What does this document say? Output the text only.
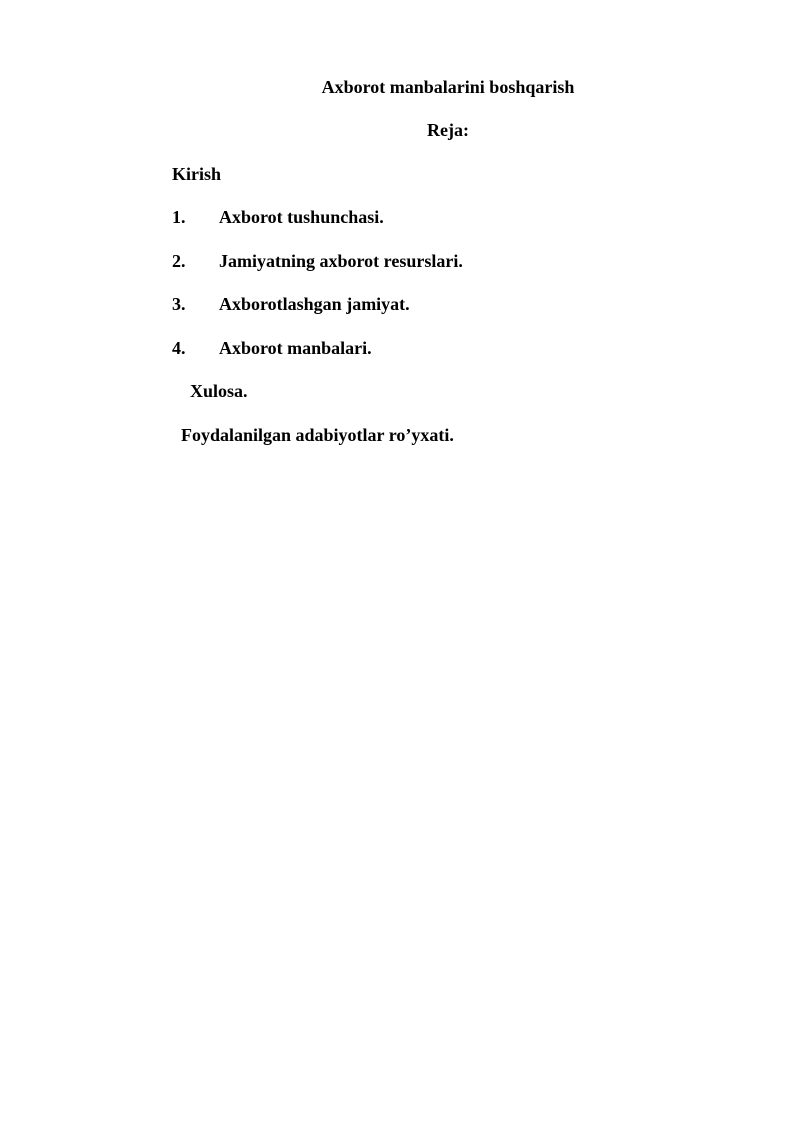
Axborot manbalarini boshqarish
Reja:
Kirish
1. Axborot tushunchasi.
2. Jamiyatning axborot resurslari.
3. Axborotlashgan jamiyat.
4. Axborot manbalari.
Xulosa.
Foydalanilgan adabiyotlar ro’yxati.
